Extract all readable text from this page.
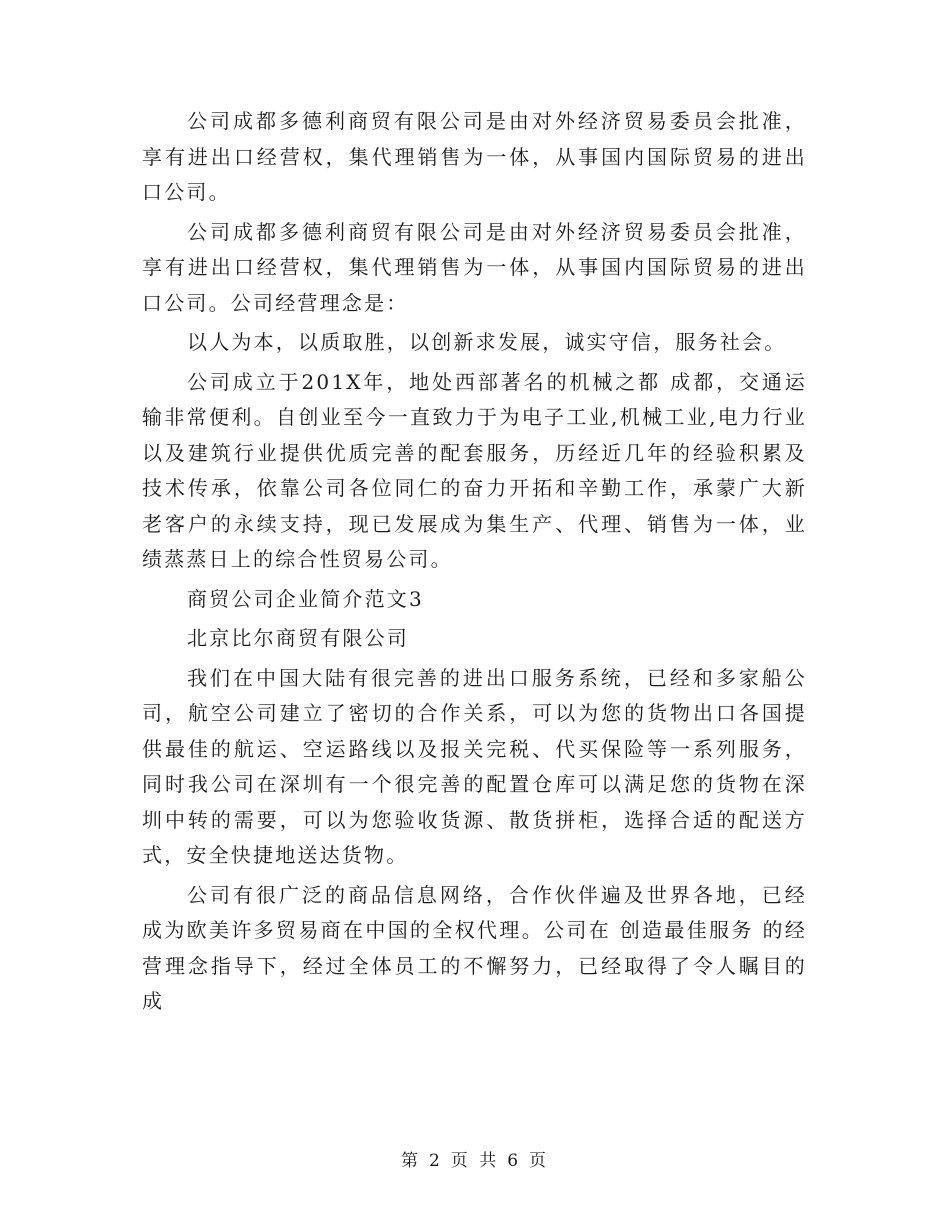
公司成都多德利商贸有限公司是由对外经济贸易委员会批准，享有进出口经营权，集代理销售为一体，从事国内国际贸易的进出口公司。

公司成都多德利商贸有限公司是由对外经济贸易委员会批准，享有进出口经营权，集代理销售为一体，从事国内国际贸易的进出口公司。公司经营理念是：

以人为本，以质取胜，以创新求发展，诚实守信，服务社会。

公司成立于201X年，地处西部著名的机械之都 成都，交通运输非常便利。自创业至今一直致力于为电子工业,机械工业,电力行业以及建筑行业提供优质完善的配套服务，历经近几年的经验积累及技术传承，依靠公司各位同仁的奋力开拓和辛勤工作，承蒙广大新老客户的永续支持，现已发展成为集生产、代理、销售为一体，业绩蒸蒸日上的综合性贸易公司。

商贸公司企业简介范文3

北京比尔商贸有限公司

我们在中国大陆有很完善的进出口服务系统，已经和多家船公司，航空公司建立了密切的合作关系，可以为您的货物出口各国提供最佳的航运、空运路线以及报关完税、代买保险等一系列服务，同时我公司在深圳有一个很完善的配置仓库可以满足您的货物在深圳中转的需要，可以为您验收货源、散货拼柜，选择合适的配送方式，安全快捷地送达货物。

公司有很广泛的商品信息网络，合作伙伴遍及世界各地，已经成为欧美许多贸易商在中国的全权代理。公司在 创造最佳服务 的经营理念指导下，经过全体员工的不懈努力，已经取得了令人瞩目的成

第 2 页 共 6 页
